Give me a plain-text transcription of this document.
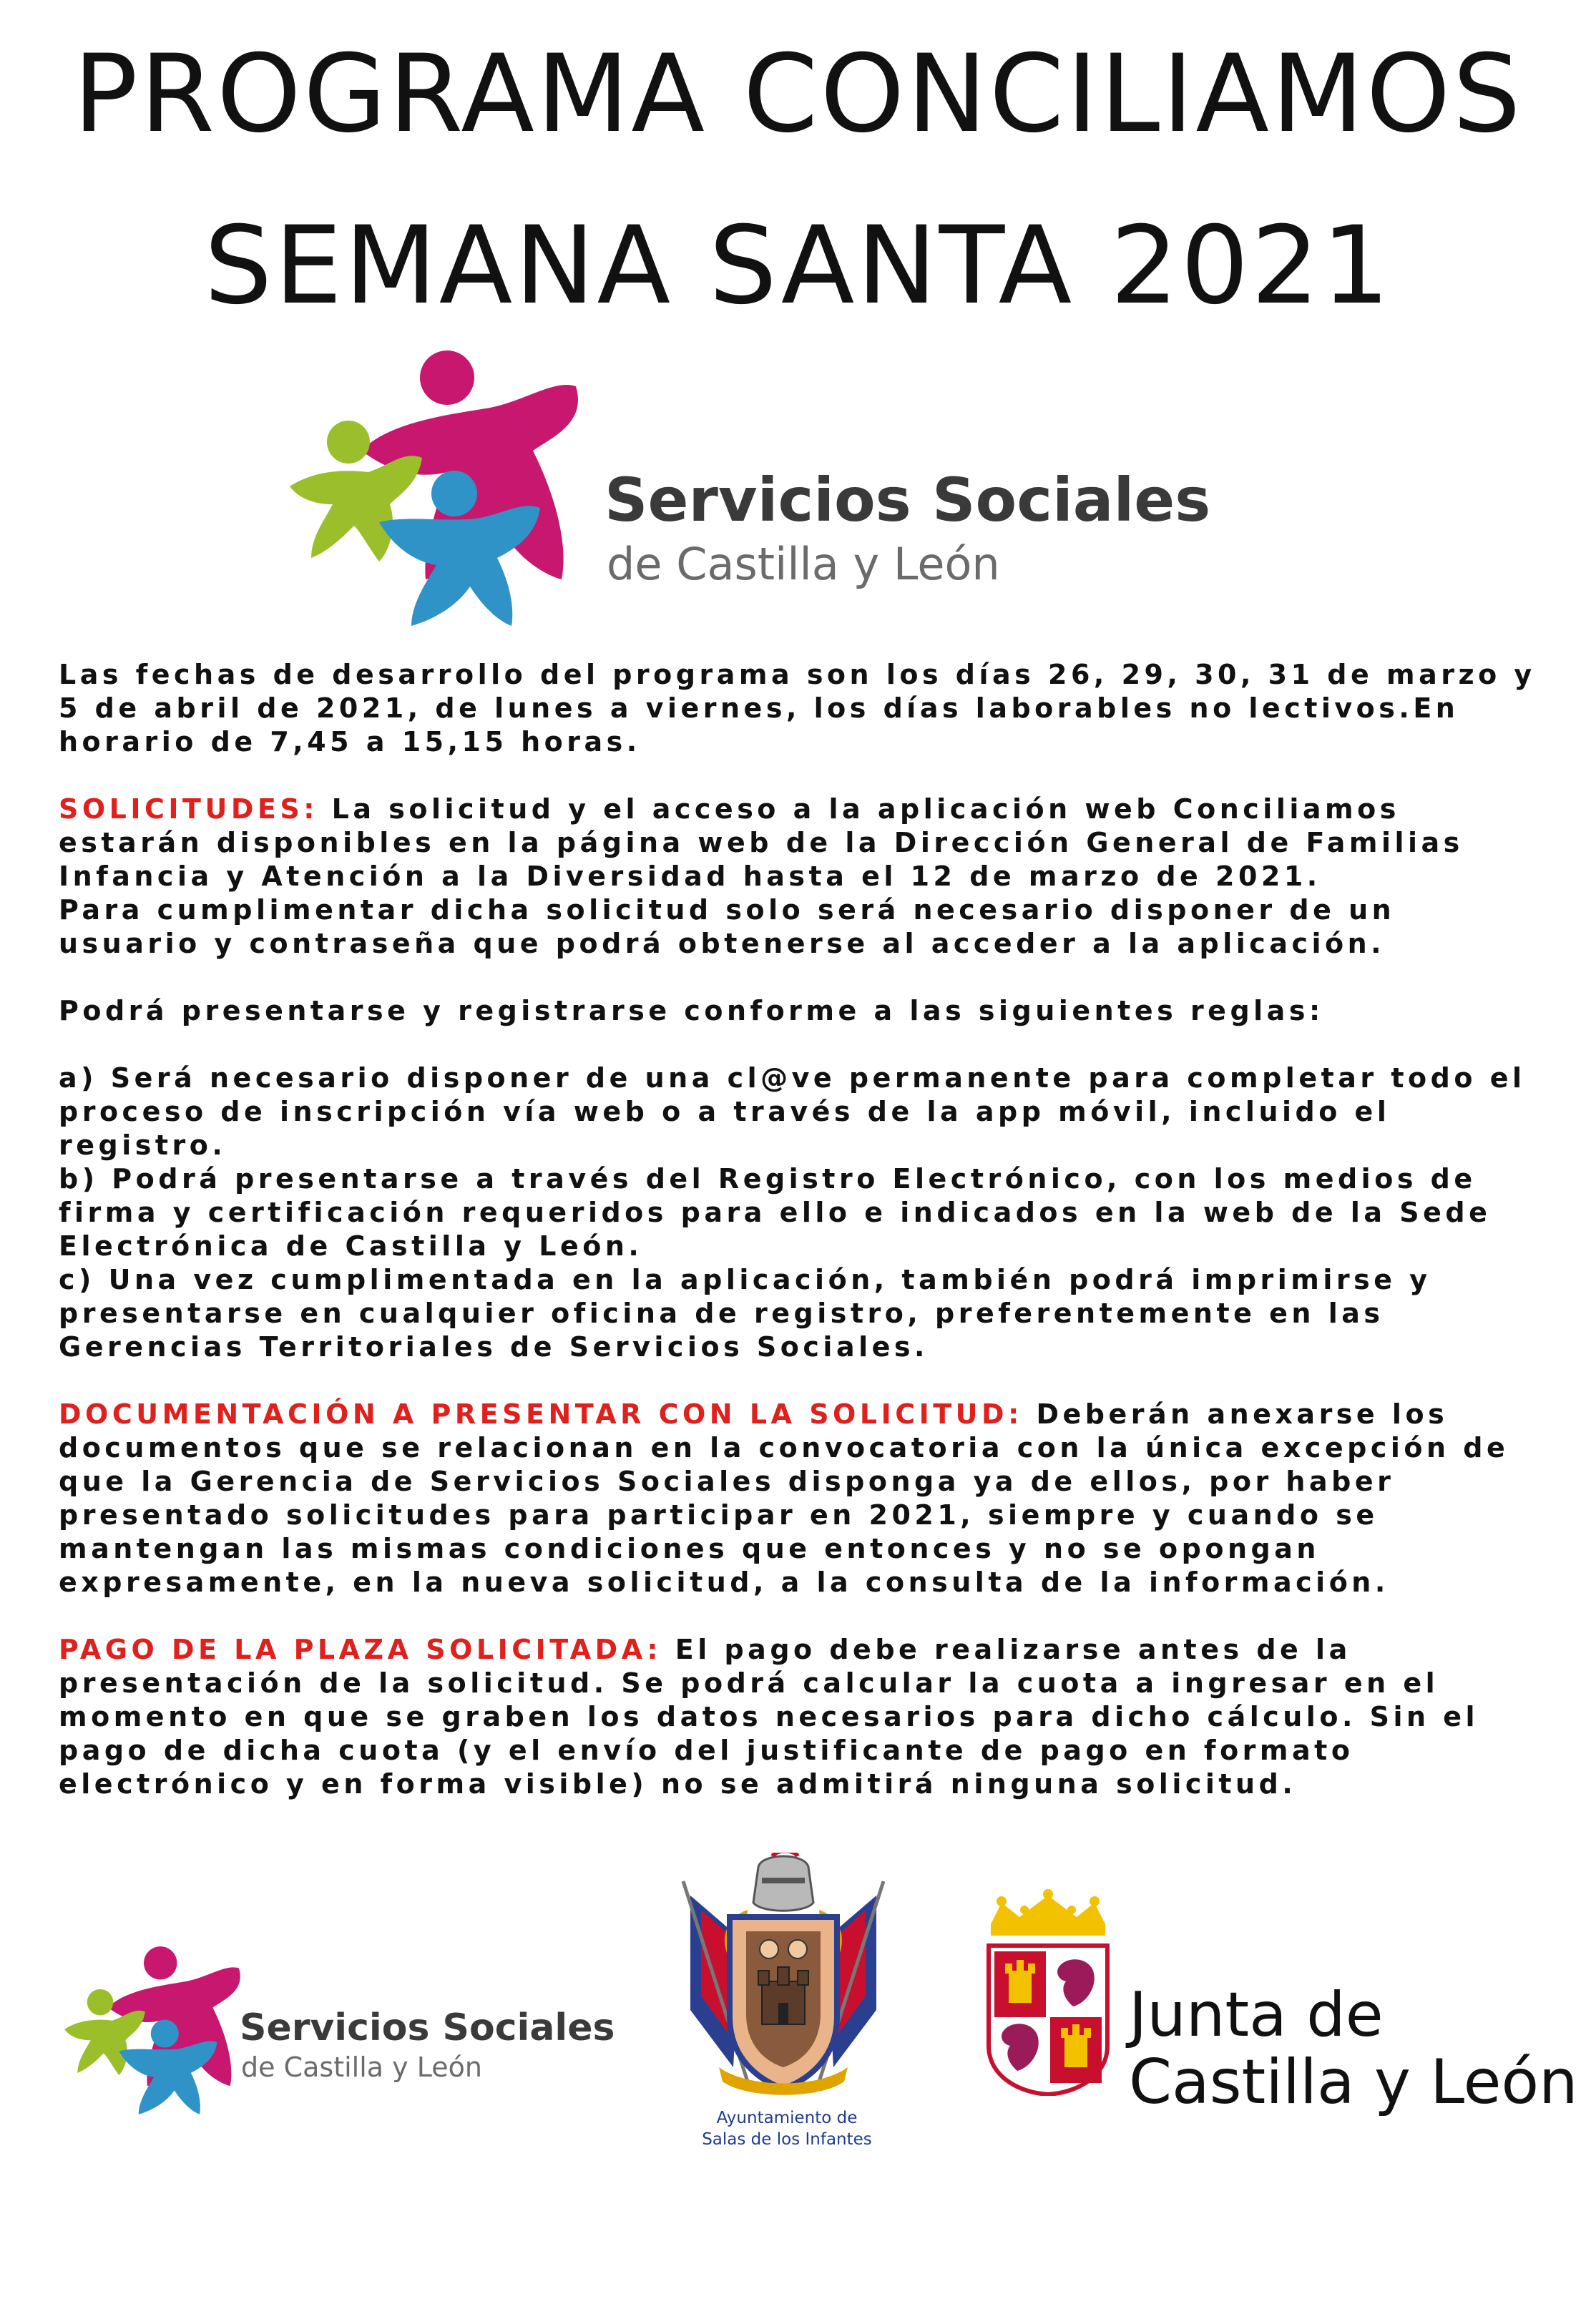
PROGRAMA CONCILIAMOS
SEMANA SANTA 2021
Servicios Sociales
de Castilla y León

Las fechas de desarrollo del programa son los días 26, 29, 30, 31 de marzo y 5 de abril de 2021, de lunes a viernes, los días laborables no lectivos.En horario de 7,45 a 15,15 horas.

SOLICITUDES: La solicitud y el acceso a la aplicación web Conciliamos estarán disponibles en la página web de la Dirección General de Familias Infancia y Atención a la Diversidad hasta el 12 de marzo de 2021.
Para cumplimentar dicha solicitud solo será necesario disponer de un usuario y contraseña que podrá obtenerse al acceder a la aplicación.

Podrá presentarse y registrarse conforme a las siguientes reglas:

a) Será necesario disponer de una cl@ve permanente para completar todo el proceso de inscripción vía web o a través de la app móvil, incluido el registro.
b) Podrá presentarse a través del Registro Electrónico, con los medios de firma y certificación requeridos para ello e indicados en la web de la Sede Electrónica de Castilla y León.
c) Una vez cumplimentada en la aplicación, también podrá imprimirse y presentarse en cualquier oficina de registro, preferentemente en las Gerencias Territoriales de Servicios Sociales.

DOCUMENTACIÓN A PRESENTAR CON LA SOLICITUD: Deberán anexarse los documentos que se relacionan en la convocatoria con la única excepción de que la Gerencia de Servicios Sociales disponga ya de ellos, por haber presentado solicitudes para participar en 2021, siempre y cuando se mantengan las mismas condiciones que entonces y no se opongan expresamente, en la nueva solicitud, a la consulta de la información.

PAGO DE LA PLAZA SOLICITADA: El pago debe realizarse antes de la presentación de la solicitud. Se podrá calcular la cuota a ingresar en el momento en que se graben los datos necesarios para dicho cálculo. Sin el pago de dicha cuota (y el envío del justificante de pago en formato electrónico y en forma visible) no se admitirá ninguna solicitud.

Servicios Sociales
de Castilla y León
Ayuntamiento de
Salas de los Infantes
Junta de
Castilla y León
